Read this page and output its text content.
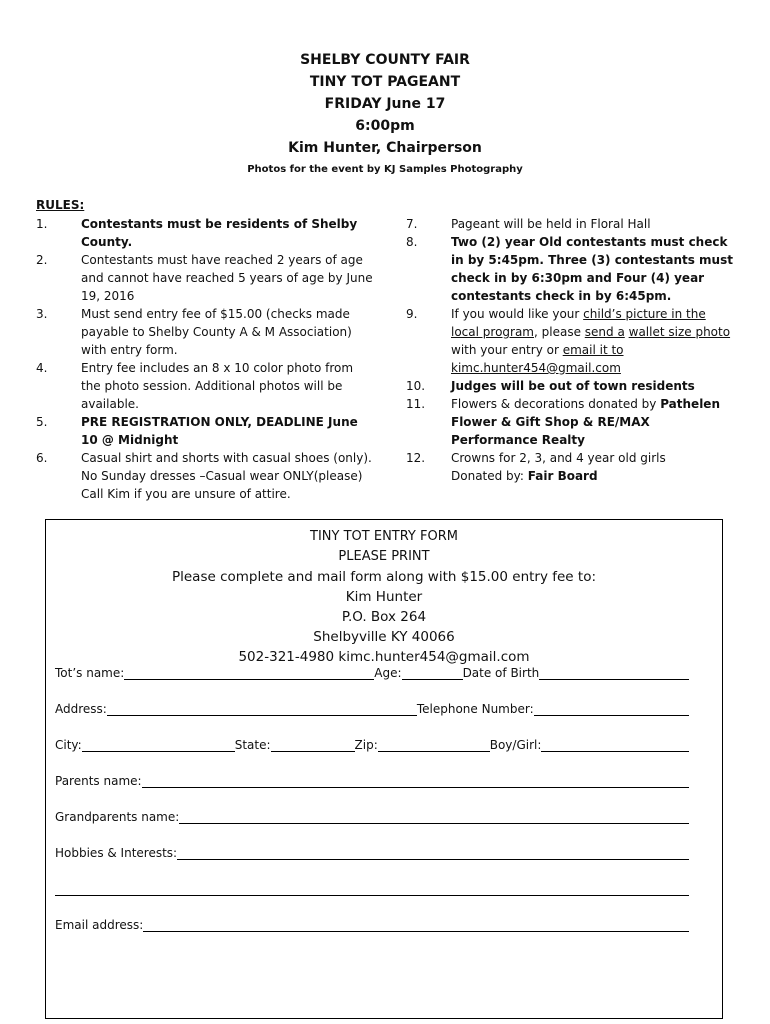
SHELBY COUNTY FAIR
TINY TOT PAGEANT
FRIDAY June 17
6:00pm
Kim Hunter, Chairperson
Photos for the event by KJ Samples Photography
RULES:
1.	Contestants must be residents of Shelby County.
2.	Contestants must have reached 2 years of age and cannot have reached 5 years of age by June 19, 2016
3.	Must send entry fee of $15.00 (checks made payable to Shelby County A & M Association) with entry form.
4.	Entry fee includes an 8 x 10 color photo from the photo session. Additional photos will be available.
5.	PRE REGISTRATION ONLY, DEADLINE June 10 @ Midnight
6.	Casual shirt and shorts with casual shoes (only). No Sunday dresses –Casual wear ONLY(please) Call Kim if you are unsure of attire.
7.	Pageant will be held in Floral Hall
8.	Two (2) year Old contestants must check in by 5:45pm. Three (3) contestants must check in by 6:30pm and Four (4) year contestants check in by 6:45pm.
9.	If you would like your child’s picture in the local program, please send a wallet size photo with your entry or email it to kimc.hunter454@gmail.com
10.	Judges will be out of town residents
11.	Flowers & decorations donated by Pathelen Flower & Gift Shop & RE/MAX Performance Realty
12.	Crowns for 2, 3, and 4 year old girls
Donated by: Fair Board
TINY TOT ENTRY FORM
PLEASE PRINT
Please complete and mail form along with $15.00 entry fee to:
Kim Hunter
P.O. Box 264
Shelbyville KY 40066
502-321-4980 kimc.hunter454@gmail.com
Tot’s name:	Age:	Date of Birth
Address:	Telephone Number:
City:	State:	Zip:	Boy/Girl:
Parents name:
Grandparents name:
Hobbies & Interests:
Email address:
